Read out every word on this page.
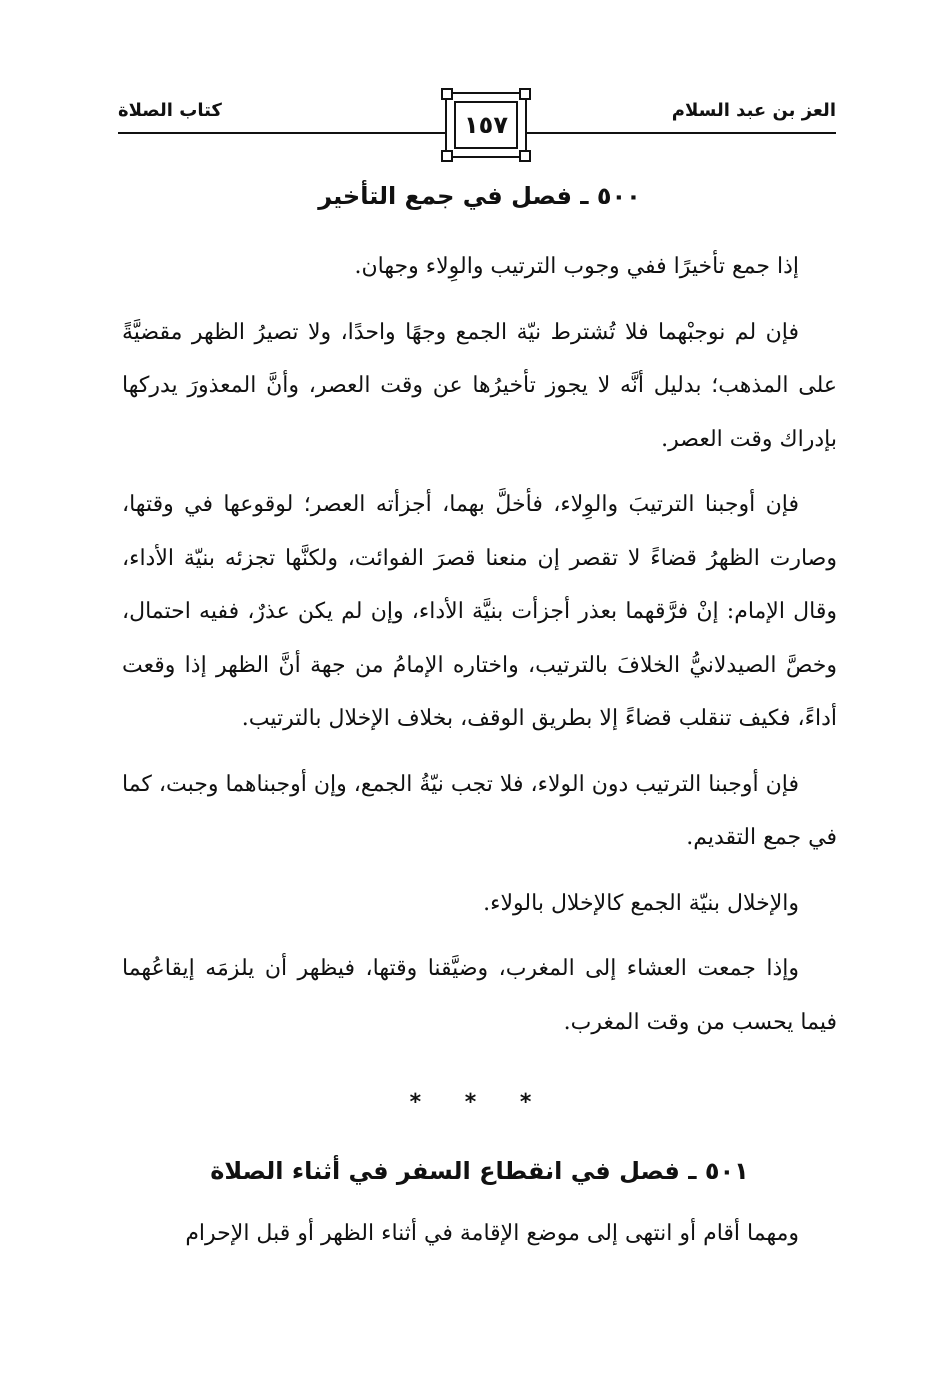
العز بن عبد السلام
كتاب الصلاة
١٥٧
٥٠٠ ـ فصل في جمع التأخير

إذا جمع تأخيرًا ففي وجوب الترتيب والوِلاء وجهان.

فإن لم نوجبْهما فلا تُشترط نيّة الجمع وجهًا واحدًا، ولا تصيرُ الظهر مقضيَّةً على المذهب؛ بدليل أنَّه لا يجوز تأخيرُها عن وقت العصر، وأنَّ المعذورَ يدركها بإدراك وقت العصر.

فإن أوجبنا الترتيبَ والوِلاء، فأخلَّ بهما، أجزأته العصر؛ لوقوعها في وقتها، وصارت الظهرُ قضاءً لا تقصر إن منعنا قصرَ الفوائت، ولكنَّها تجزئه بنيّة الأداء، وقال الإمام: إنْ فرَّقهما بعذر أجزأت بنيَّة الأداء، وإن لم يكن عذرٌ، ففيه احتمال، وخصَّ الصيدلانيُّ الخلافَ بالترتيب، واختاره الإمامُ من جهة أنَّ الظهر إذا وقعت أداءً، فكيف تنقلب قضاءً إلا بطريق الوقف، بخلاف الإخلال بالترتيب.

فإن أوجبنا الترتيب دون الولاء، فلا تجب نيّةُ الجمع، وإن أوجبناهما وجبت، كما في جمع التقديم.

والإخلال بنيّة الجمع كالإخلال بالولاء.

وإذا جمعت العشاء إلى المغرب، وضيَّقنا وقتها، فيظهر أن يلزمَه إيقاعُهما فيما يحسب من وقت المغرب.

* * *
٥٠١ ـ فصل في انقطاع السفر في أثناء الصلاة

ومهما أقام أو انتهى إلى موضع الإقامة في أثناء الظهر أو قبل الإحرام
